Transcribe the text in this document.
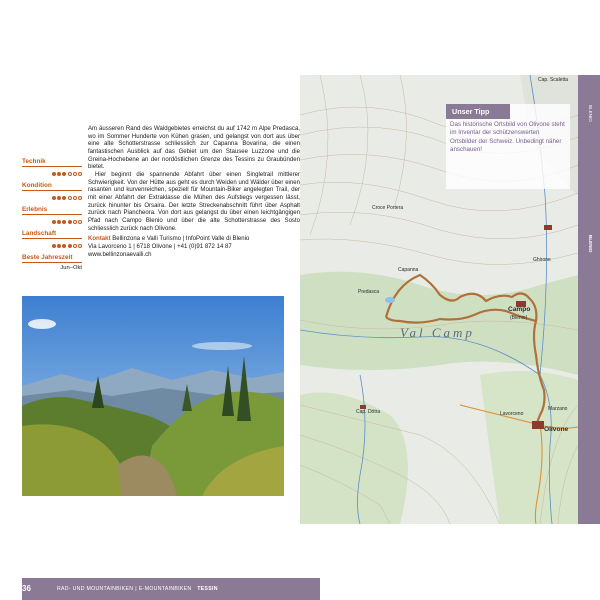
Technik
Kondition
Erlebnis
Landschaft
Beste Jahreszeit
Jun–Okt

Am äusseren Rand des Waldgebietes erreichst du auf 1742 m Alpe Predasca, wo im Sommer Hunderte von Kühen grasen, und gelangst von dort aus über eine alte Schotterstrasse schliesslich zur Capanna Bovarina, die einen fantastischen Ausblick auf das Gebiet um den Stausee Luzzone und die Greina-Hochebene an der nordöstlichen Grenze des Tessins zu Graubünden bietet.

Hier beginnt die spannende Abfahrt über einen Singletrail mittlerer Schwierigkeit. Von der Hütte aus geht es durch Weiden und Wälder über einen rasanten und kurvenreichen, speziell für Mountain-Biker angelegten Trail, der mit einer Abfahrt der Extraklasse die Mühen des Aufstiegs vergessen lässt, zurück hinunter bis Orsaira. Der letzte Streckenabschnitt führt über Asphalt zurück nach Piancheora. Von dort aus gelangst du über einen leichtgängigen Pfad nach Campo Blenio und über die alte Schotterstrasse des Sosto schliesslich zurück nach Olivone.

Kontakt Bellinzona e Valli Turismo | InfoPoint Valle di Blenio
Via Lavorceno 1 | 6718 Olivone | +41 (0)91 872 14 87
www.bellinzonaevalli.ch

36	RAD- UND MOUNTAINBIKEN | E-MOUNTAINBIKEN TESSIN
Cap. Scaletta
Cap. Dötra
Capanna
Predasca
Croce Portera
Ghirone
Lavorceno
Marzano
Campo
(Blenio)
Olivone
Val Camp
Unser Tipp
Das historische Ortsbild von Olivone steht im Inventar der schützenswerten Ortsbilder der Schweiz. Unbedingt näher anschauen!
BLENIO
BLENIO
